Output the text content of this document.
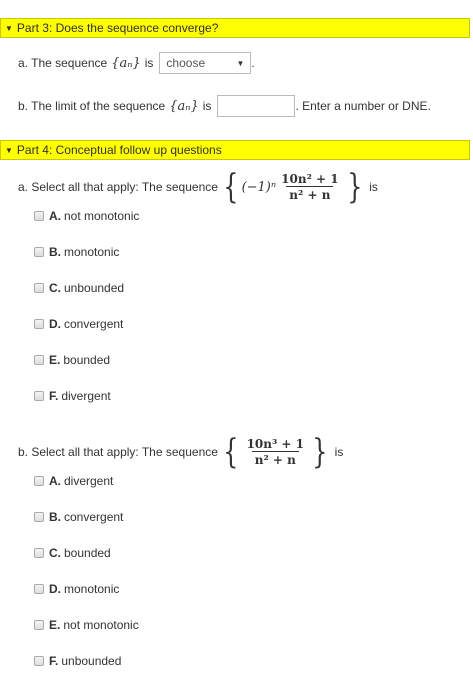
▼ Part 3: Does the sequence converge?
a. The sequence {aₙ} is choose	▼ .
b. The limit of the sequence {aₙ} is	. Enter a number or DNE.
▼ Part 4: Conceptual follow up questions
a. Select all that apply: The sequence { $(-1)^n \frac{\text{10n² + 1}}{\text{n² + n}}$ } is
A. not monotonic
B. monotonic
C. unbounded
D. convergent
E. bounded
F. divergent
b. Select all that apply: The sequence { $\frac{\text{10n³ + 1}}{\text{n² + n}}$ } is
A. divergent
B. convergent
C. bounded
D. monotonic
E. not monotonic
F. unbounded
